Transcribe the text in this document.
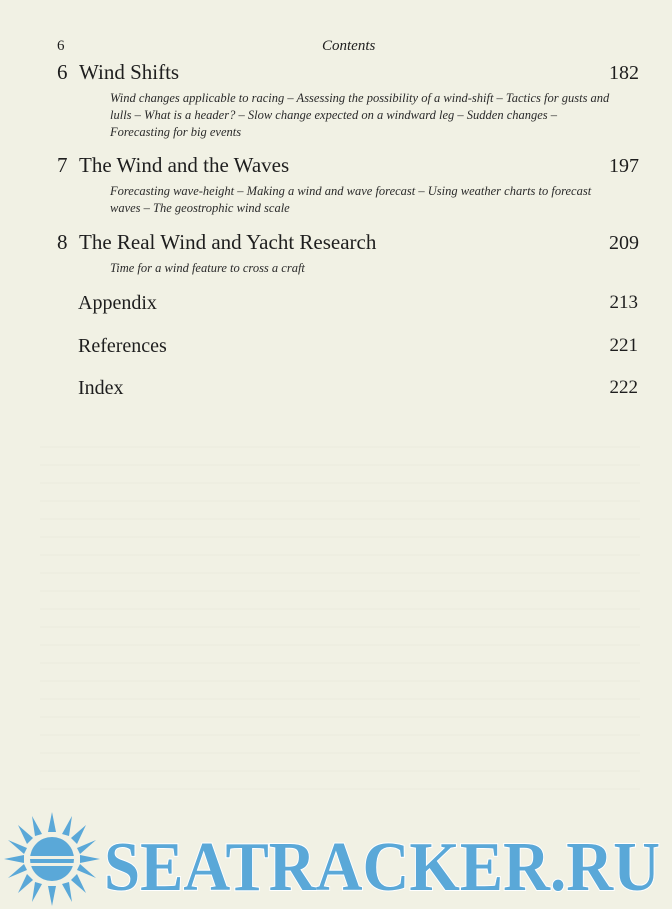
6	Contents
6 Wind Shifts	182
Wind changes applicable to racing – Assessing the possibility of a wind-shift – Tactics for gusts and lulls – What is a header? – Slow change expected on a windward leg – Sudden changes – Forecasting for big events
7 The Wind and the Waves	197
Forecasting wave-height – Making a wind and wave forecast – Using weather charts to forecast waves – The geostrophic wind scale
8 The Real Wind and Yacht Research	209
Time for a wind feature to cross a craft
Appendix	213
References	221
Index	222
SEATRACKER.RU
